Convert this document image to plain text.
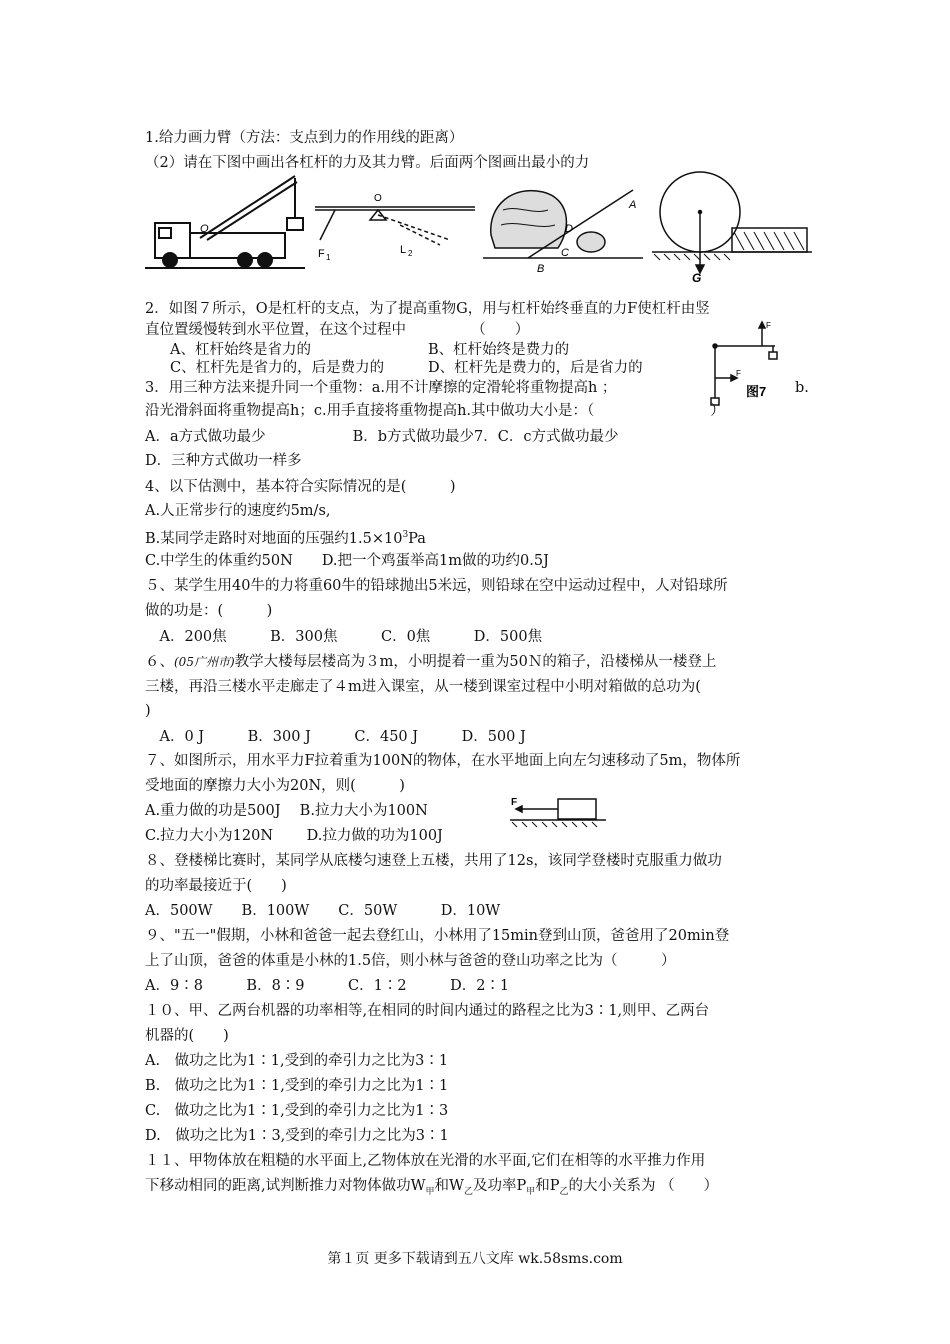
1.给力画力臂（方法：支点到力的作用线的距离）
（2）请在下图中画出各杠杆的力及其力臂。后面两个图画出最小的力
O
O
F 1
L 2
A
B
C
D
G
2．如图７所示，O是杠杆的支点，为了提高重物G，用与杠杆始终垂直的力F使杠杆由竖
直位置缓慢转到水平位置，在这个过程中　　　　　（　　）
A、杠杆始终是省力的	B、杠杆始终是费力的
C、杠杆先是省力的，后是费力的	D、杠杆先是费力的，后是省力的
F
F
图7
3．用三种方法来提升同一个重物：a.用不计摩擦的定滑轮将重物提高h ；	b.
沿光滑斜面将重物提高h；c.用手直接将重物提高h.其中做功大小是：（　　　　　　　　）
A．a方式做功最少　　　　　　B．b方式做功最少7．C．c方式做功最少
D．三种方式做功一样多
4、以下估测中，基本符合实际情况的是(　　　)
A.人正常步行的速度约5m/s,
B.某同学走路时对地面的压强约$1.5\times 10^3Pa$
C.中学生的体重约50N　　D.把一个鸡蛋举高1m做的功约0.5J
５、某学生用40牛的力将重60牛的铅球抛出5米远，则铅球在空中运动过程中，人对铅球所
做的功是：(　　　)
　A．200焦　　　B．300焦　　　C．0焦　　　D．500焦
６、(05广州市)教学大楼每层楼高为３m，小明提着一重为50Ｎ的箱子，沿楼梯从一楼登上
三楼，再沿三楼水平走廊走了４m进入课室，从一楼到课室过程中小明对箱做的总功为(
)
　A．0 J　　　B．300 J　　　C．450 J　　　D．500 J
７、如图所示，用水平力F拉着重为100N的物体，在水平地面上向左匀速移动了5m，物体所
受地面的摩擦力大小为20N，则(　　　)
A.重力做的功是500J　 B.拉力大小为100N
C.拉力大小为120N　　 D.拉力做的功为100J
F
８、登楼梯比赛时，某同学从底楼匀速登上五楼，共用了12s，该同学登楼时克服重力做功
的功率最接近于(　　)
A．500W　　B．100W　　C．50W　　　D．10W
９、"五一"假期，小林和爸爸一起去登红山，小林用了15min登到山顶，爸爸用了20min登
上了山顶，爸爸的体重是小林的1.5倍，则小林与爸爸的登山功率之比为（　　　）
A．9∶8　　　B．8∶9　　　C．1∶2　　　D．2∶1
１０、甲、乙两台机器的功率相等,在相同的时间内通过的路程之比为3∶1,则甲、乙两台
机器的(　　)
A.　做功之比为1∶1,受到的牵引力之比为3∶1
B.　做功之比为1∶1,受到的牵引力之比为1∶1
C.　做功之比为1∶1,受到的牵引力之比为1∶3
D.　做功之比为1∶3,受到的牵引力之比为3∶1
１１、甲物体放在粗糙的水平面上,乙物体放在光滑的水平面,它们在相等的水平推力作用
下移动相同的距离,试判断推力对物体做功$W_甲$和$W_乙$及功率$P_甲$和$P_乙$的大小关系为 （　　）
第１页 更多下载请到五八文库 wk.58sms.com
